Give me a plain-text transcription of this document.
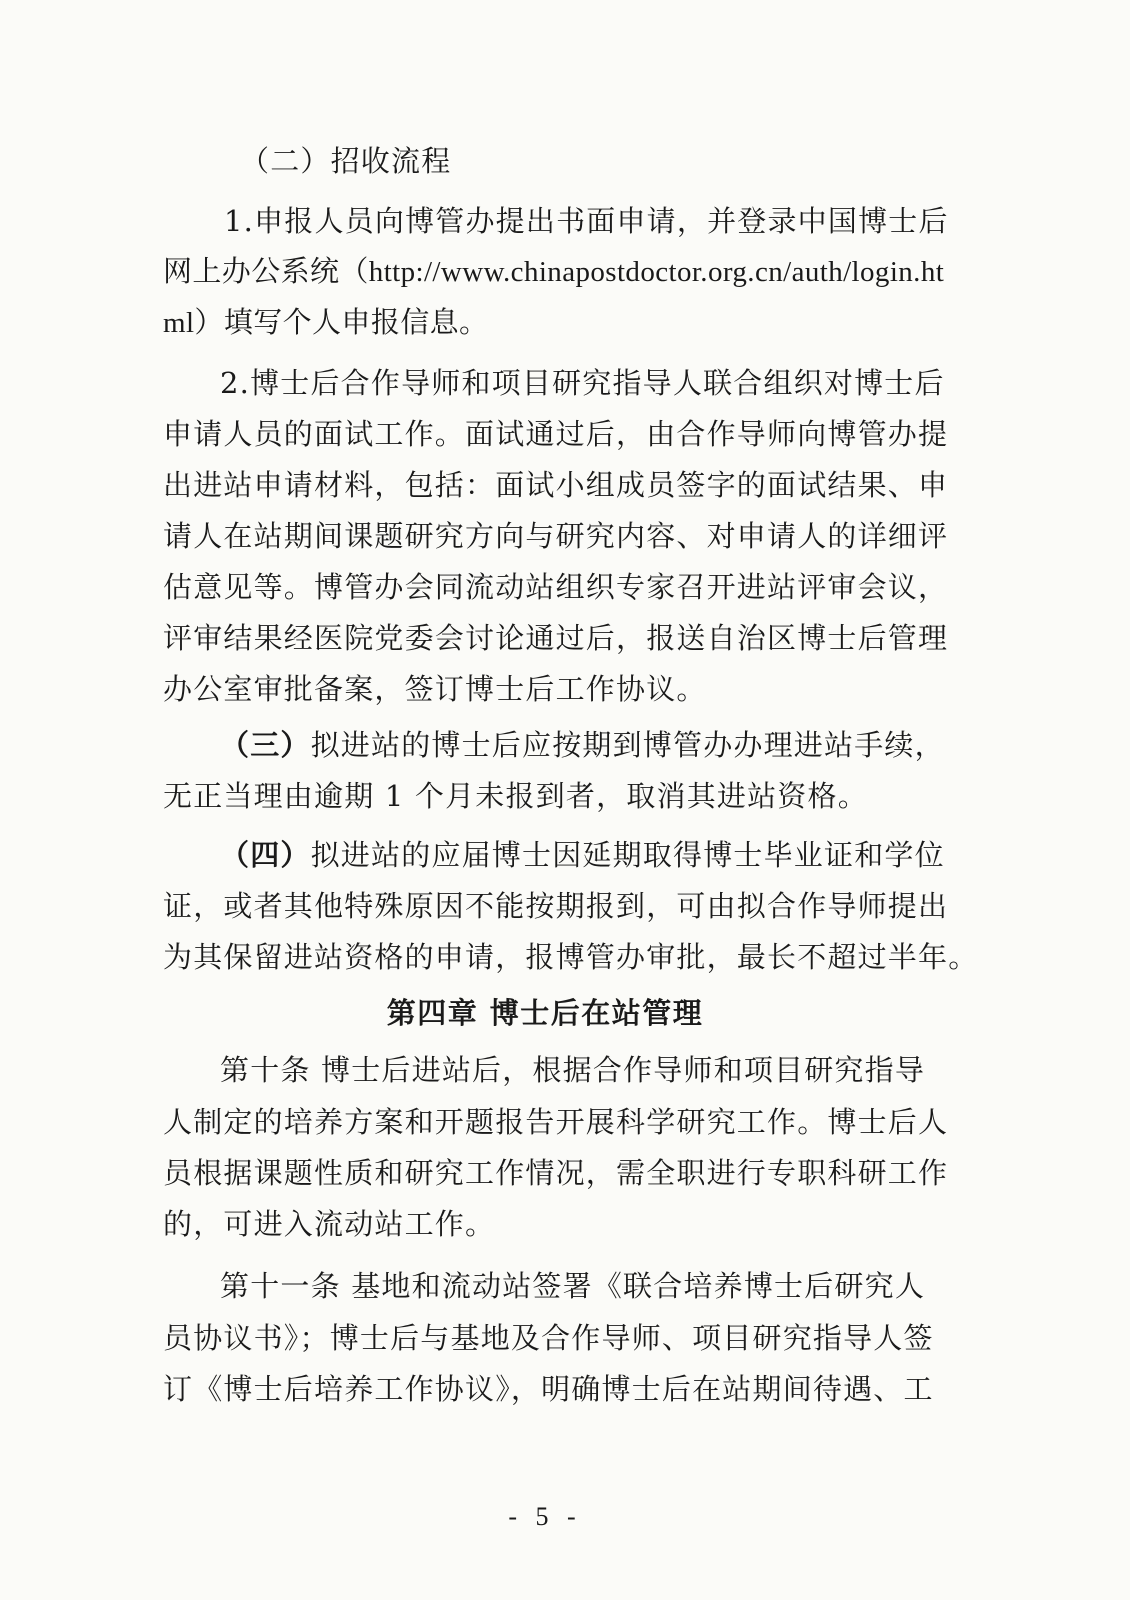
（二）招收流程
1.申报人员向博管办提出书面申请，并登录中国博士后
网上办公系统（http://www.chinapostdoctor.org.cn/auth/login.ht
ml）填写个人申报信息。
2.博士后合作导师和项目研究指导人联合组织对博士后
申请人员的面试工作。面试通过后，由合作导师向博管办提
出进站申请材料，包括：面试小组成员签字的面试结果、申
请人在站期间课题研究方向与研究内容、对申请人的详细评
估意见等。博管办会同流动站组织专家召开进站评审会议，
评审结果经医院党委会讨论通过后，报送自治区博士后管理
办公室审批备案，签订博士后工作协议。
（三）拟进站的博士后应按期到博管办办理进站手续，
无正当理由逾期 1 个月未报到者，取消其进站资格。
（四）拟进站的应届博士因延期取得博士毕业证和学位
证，或者其他特殊原因不能按期报到，可由拟合作导师提出
为其保留进站资格的申请，报博管办审批，最长不超过半年。
第四章 博士后在站管理
第十条 博士后进站后，根据合作导师和项目研究指导
人制定的培养方案和开题报告开展科学研究工作。博士后人
员根据课题性质和研究工作情况，需全职进行专职科研工作
的，可进入流动站工作。
第十一条 基地和流动站签署《联合培养博士后研究人
员协议书》；博士后与基地及合作导师、项目研究指导人签
订《博士后培养工作协议》，明确博士后在站期间待遇、工
- 5 -
